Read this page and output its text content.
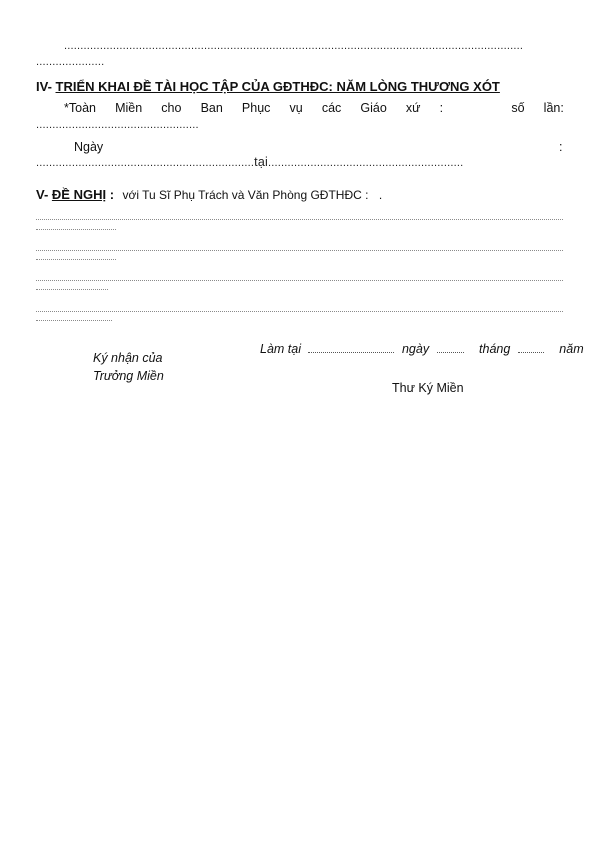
.............................................................................................................................................
.....................
IV- TRIỂN KHAI ĐỀ TÀI HỌC TẬP CỦA GĐTHĐC: NĂM LÒNG THƯƠNG XÓT
*Toàn Miền cho Ban Phục vụ các Giáo xứ :	số lần:
..................................................
Ngày	:
...................................................................tại............................................................
V- ĐỀ NGHỊ : với Tu Sĩ Phụ Trách và Văn Phòng GĐTHĐC : .
Làm tại	ngày	tháng	năm
Ký nhận của
Trưởng Miền
Thư Ký Miền
